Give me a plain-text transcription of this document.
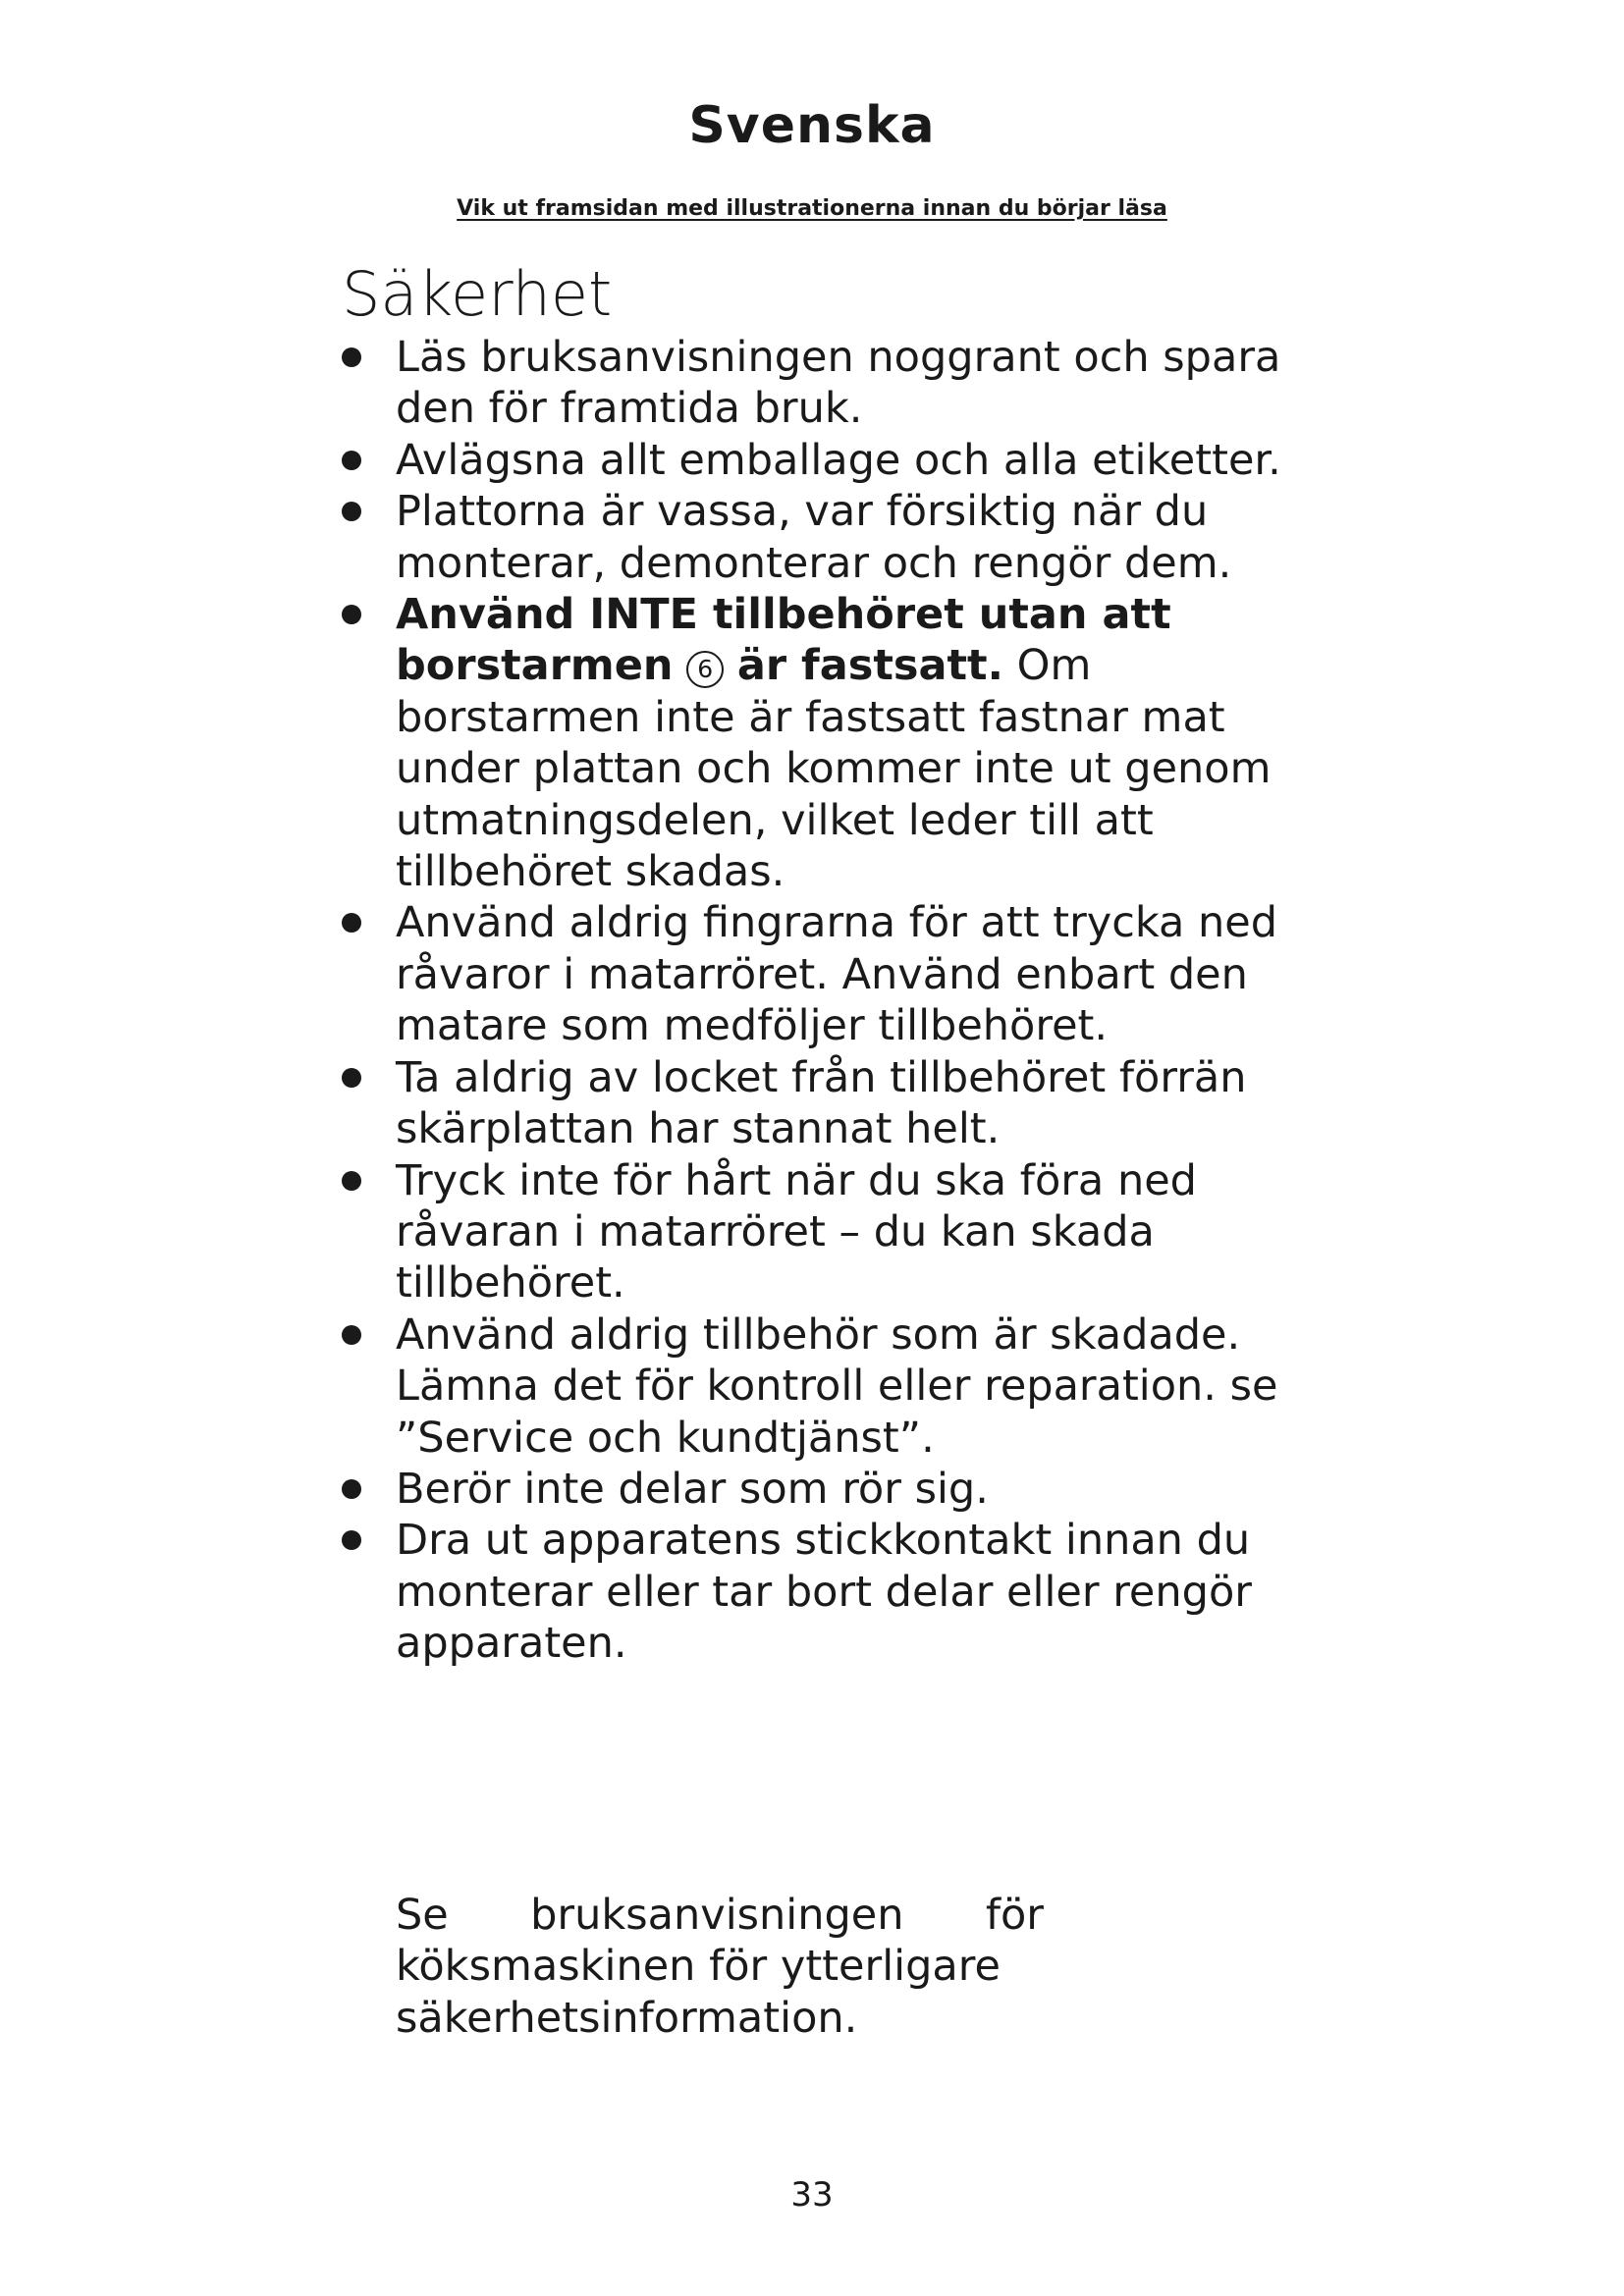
Svenska
Vik ut framsidan med illustrationerna innan du börjar läsa
Säkerhet
Läs bruksanvisningen noggrant och spara den för framtida bruk.
Avlägsna allt emballage och alla etiketter.
Plattorna är vassa, var försiktig när du monterar, demonterar och rengör dem.
Använd INTE tillbehöret utan att borstarmen 6 är fastsatt. Om borstarmen inte är fastsatt fastnar mat under plattan och kommer inte ut genom utmatningsdelen, vilket leder till att tillbehöret skadas.
Använd aldrig fingrarna för att trycka ned råvaror i matarröret. Använd enbart den matare som medföljer tillbehöret.
Ta aldrig av locket från tillbehöret förrän skärplattan har stannat helt.
Tryck inte för hårt när du ska föra ned råvaran i matarröret – du kan skada tillbehöret.
Använd aldrig tillbehör som är skadade. Lämna det för kontroll eller reparation. se ”Service och kundtjänst”.
Berör inte delar som rör sig.
Dra ut apparatens stickkontakt innan du monterar eller tar bort delar eller rengör apparaten.
Se bruksanvisningen för
köksmaskinen för ytterligare
säkerhetsinformation.
33
